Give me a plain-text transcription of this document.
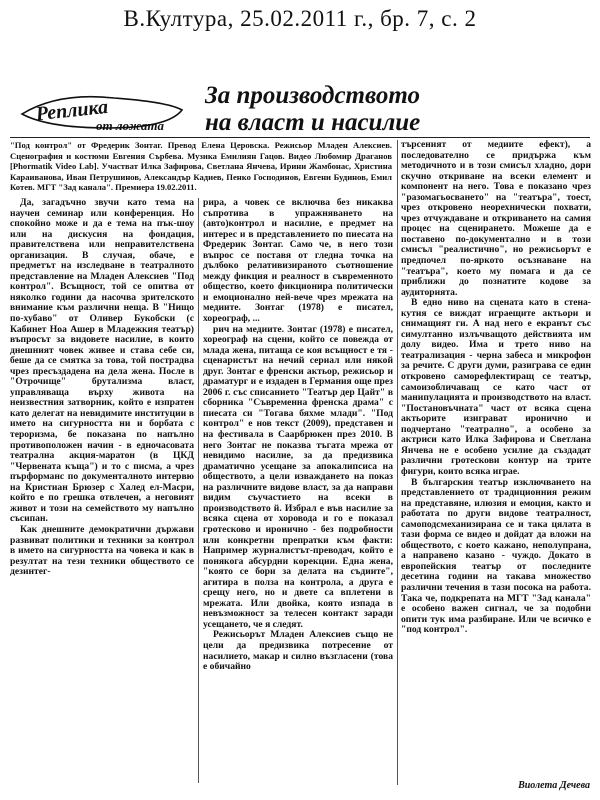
В.Култура, 25.02.2011 г., бр. 7, с. 2
Реплика
от ложата
За производството
на власт и насилие
"Под контрол" от Фредерик Зонтаг. Превод Елена Церовска. Режисьор Младен Алексиев. Сценография и костюми Евгения Сърбева. Музика Емилиян Гацов. Видео Любомир Драганов [Phormatik Video Lab]. Участват Илка Зафирова, Светлана Янчева, Ирини Жамбонас, Христина Караиванова, Иван Петрушинов, Александър Кадиев, Пенко Господинов, Евгени Будинов, Емил Котев. МГТ "Зад канала". Премиера 19.02.2011.

Да, загадъчно звучи като тема на научен семинар или конференция. Но спокойно може и да е тема на пък-шоу или на дискусия на фондация, правителствена или неправителствена организация. В случая, обаче, е предметът на изследване в театралното представление на Младен Алексиев "Под контрол". Всъщност, той се опитва от няколко години да насочва зрителското внимание към различни неща. В "Нищо по-хубаво" от Оливер Букобски (с Кабинет Ноа Ашер в Младежкия театър) въпросът за видовете насилие, в които днешният човек живее и става себе си, беше да се смятка за това, той пострадва чрез пресъздадена на дела жена. После в "Отрочище" брутализма власт, управляваща върху живота на неизвестния затворник, който е изпратен като делегат на невидимите институции в името на сигурността ни и борбата с тероризма, бе показана по напълно противоположен начин - в едночасовата театрална акция-маратон (в ЦКД "Червената къща") и то с писма, а чрез пърформанс по документалното интервю на Кристиан Брюзер с Халед ел-Масри, който е по грешка отвлечен, а неговият живот и този на семейството му напълно съсипан.

Как днешните демократични държави развиват политики и техники за контрол в името на сигурността на човека и как в резултат на тези техники обществото се дезинтег-

рира, а човек се включва без никаква съпротива в упражняването на (авто)контрол и насилие, е предмет на интерес и в представлението по пиесата на Фредерик Зонтаг. Само че, в него този въпрос се поставя от гледна точка на дълбоко релативизираното съотношение между фикция и реалност в съвременното общество, което фикционира политически и емоционално ней-вече чрез мрежата на медиите. Зонтаг (1978) е писател, хореограф, ...

рич на медиите. Зонтаг (1978) е писател, хореограф на сцени, който се повежда от млада жена, питаща се коя всъщност е тя - сценаристът на нечий сериал или някой друг. Зонтаг е френски актьор, режисьор и драматург и е издаден в Германия още през 2006 г. със списанието "Театър дер Цайт" в сборника "Съвременна френска драма" с пиесата си "Тогава бяхме млади". "Под контрол" е нов текст (2009), представен и на фестивала в Саарбрюкен през 2010. В него Зонтаг не показва тъгата мрежа от невидимо насилие, за да предизвика драматично усещане за апокалипсиса на обществото, а цели изваждането на показ на различните видове власт, за да направи видим съучастието на всеки в производството й. Избрал е във насилие за всяка сцена от хоровода и го е показал гротесково и иронично - без подробности или конкретни препратки към факти: Например журналистът-преводач, който е понякога абсурдни корекции. Една жена, "която се бори за делата на съдиите", агитира в полза на контрола, а друга е срещу него, но и двете са вплетени в мрежата. Или двойка, която изпада в невъзможност за телесен контакт заради усещането, че я следят.

Режисьорът Младен Алексиев също не цели да предизвика потресение от насилието, макар и силно възгласени (това е обичайно

търсеният от медиите ефект), а последователно се придържа към методичното и в този смисъл хладно, дори скучно откриване на всеки елемент и компонент на него. Това е показано чрез "разомагьосването" на "театъра", тоест, чрез откровено неорехнически похвати, чрез отчуждаване и откриването на самия процес на сценирането. Можеше да е поставено по-документално и в този смисъл "реалистично", но режисьорът е предпочел по-яркото осъзнаване на "театъра", което му помага и да се приближи до познатите кодове за аудиторията.

В едно ниво на сцената като в стена-кутия се виждат играещите актьори и снимащият ги. А над него е екранът със симултанно излъчващото действията им долу видео. Има и трето ниво на театрализация - черна забеса и микрофон за речите. С други думи, разиграва се един откровено саморефлектиращ се театър, самоизобличаващ се като част от манипулацията и производството на власт. "Постановъчната" част от всяка сцена актьорите изиграват иронично и подчертано "театрално", а особено за актриси като Илка Зафирова и Светлана Янчева не е особено усилие да създадат различни гротескови контур на трите фигури, които всяка играе.

В българския театър изключването на представлението от традиционния режим на представяне, илюзия и емоция, както и работата по други видове театралност, самоподсмеханизирана се и така цялата в тази форма се видео и дойдат да вложи на обществото, с което кажано, неполупрана, а направено казано - чуждо. Докато в европейския театър от последните десетина години на такава множество различни течения в тази посока на работа. Така че, подкрепата на МГТ "Зад канала" е особено важен сигнал, че за подобни опити тук има разбиране. Или че всичко е "под контрол".

Виолета Дечева
